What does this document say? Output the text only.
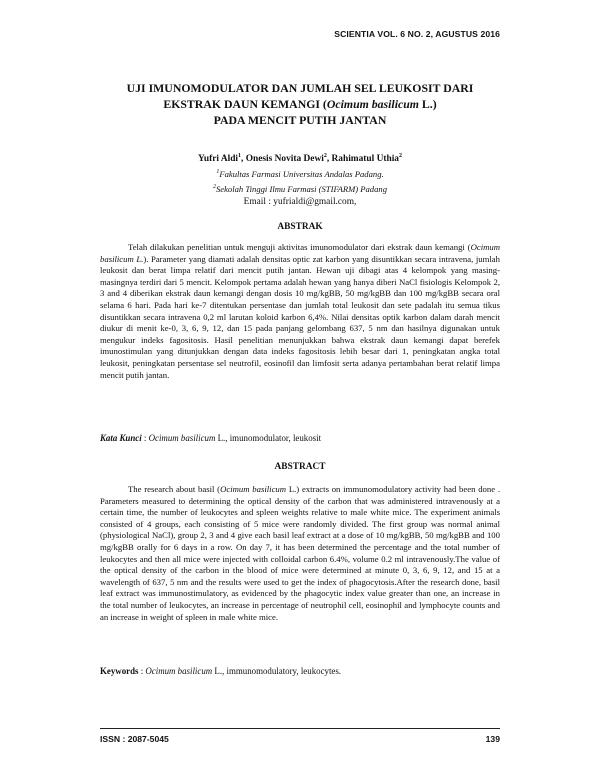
SCIENTIA VOL. 6 NO. 2, AGUSTUS 2016
UJI IMUNOMODULATOR DAN JUMLAH SEL LEUKOSIT DARI
EKSTRAK DAUN KEMANGI (Ocimum basilicum L.)
PADA MENCIT PUTIH JANTAN
Yufri Aldi$^1$, Onesis Novita Dewi$^2$, Rahimatul Uthia$^2$
$^1$Fakultas Farmasi Universitas Andalas Padang.
$^2$Sekolah Tinggi Ilmu Farmasi (STIFARM) Padang
Email : yufrialdi@gmail.com,
ABSTRAK

Telah dilakukan penelitian untuk menguji aktivitas imunomodulator dari ekstrak daun kemangi (Ocimum basilicum L.). Parameter yang diamati adalah densitas optic zat karbon yang disuntikkan secara intravena, jumlah leukosit dan berat limpa relatif dari mencit putih jantan. Hewan uji dibagi atas 4 kelompok yang masing-masingnya terdiri dari 5 mencit. Kelompok pertama adalah hewan yang hanya diberi NaCl fisiologis Kelompok 2, 3 and 4 diberikan ekstrak daun kemangi dengan dosis 10 mg/kgBB, 50 mg/kgBB dan 100 mg/kgBB secara oral selama 6 hari. Pada hari ke-7 ditentukan persentase dan jumlah total leukosit dan sete padalah itu semua tikus disuntikkan secara intravena 0,2 ml larutan koloid karbon 6,4%. Nilai densitas optik karbon dalam darah mencit diukur di menit ke-0, 3, 6, 9, 12, dan 15 pada panjang gelombang 637, 5 nm dan hasilnya digunakan untuk mengukur indeks fagositosis. Hasil penelitian menunjukkan bahwa ekstrak daun kemangi dapat berefek imunostimulan yang ditunjukkan dengan data indeks fagositosis lebih besar dari 1, peningkatan angka total leukosit, peningkatan persentase sel neutrofil, eosinofil dan limfosit serta adanya pertambahan berat relatif limpa mencit putih jantan.

Kata Kunci : Ocimum basilicum L., imunomodulator, leukosit
ABSTRACT

The research about basil (Ocimum basilicum L.) extracts on immunomodulatory activity had been done . Parameters measured to determining the optical density of the carbon that was administered intravenously at a certain time, the number of leukocytes and spleen weights relative to male white mice. The experiment animals consisted of 4 groups, each consisting of 5 mice were randomly divided. The first group was normal animal (physiological NaCl), group 2, 3 and 4 give each basil leaf extract at a dose of 10 mg/kgBB, 50 mg/kgBB and 100 mg/kgBB orally for 6 days in a row. On day 7, it has been determined the percentage and the total number of leukocytes and then all mice were injected with colloidal carbon 6.4%, volume 0.2 ml intravenously.The value of the optical density of the carbon in the blood of mice were determined at minute 0, 3, 6, 9, 12, and 15 at a wavelength of 637, 5 nm and the results were used to get the index of phagocytosis.After the research done, basil leaf extract was immunostimulatory, as evidenced by the phagocytic index value greater than one, an increase in the total number of leukocytes, an increase in percentage of neutrophil cell, eosinophil and lymphocyte counts and an increase in weight of spleen in male white mice.

Keywords : Ocimum basilicum L., immunomodulatory, leukocytes.
ISSN : 2087-5045	139
